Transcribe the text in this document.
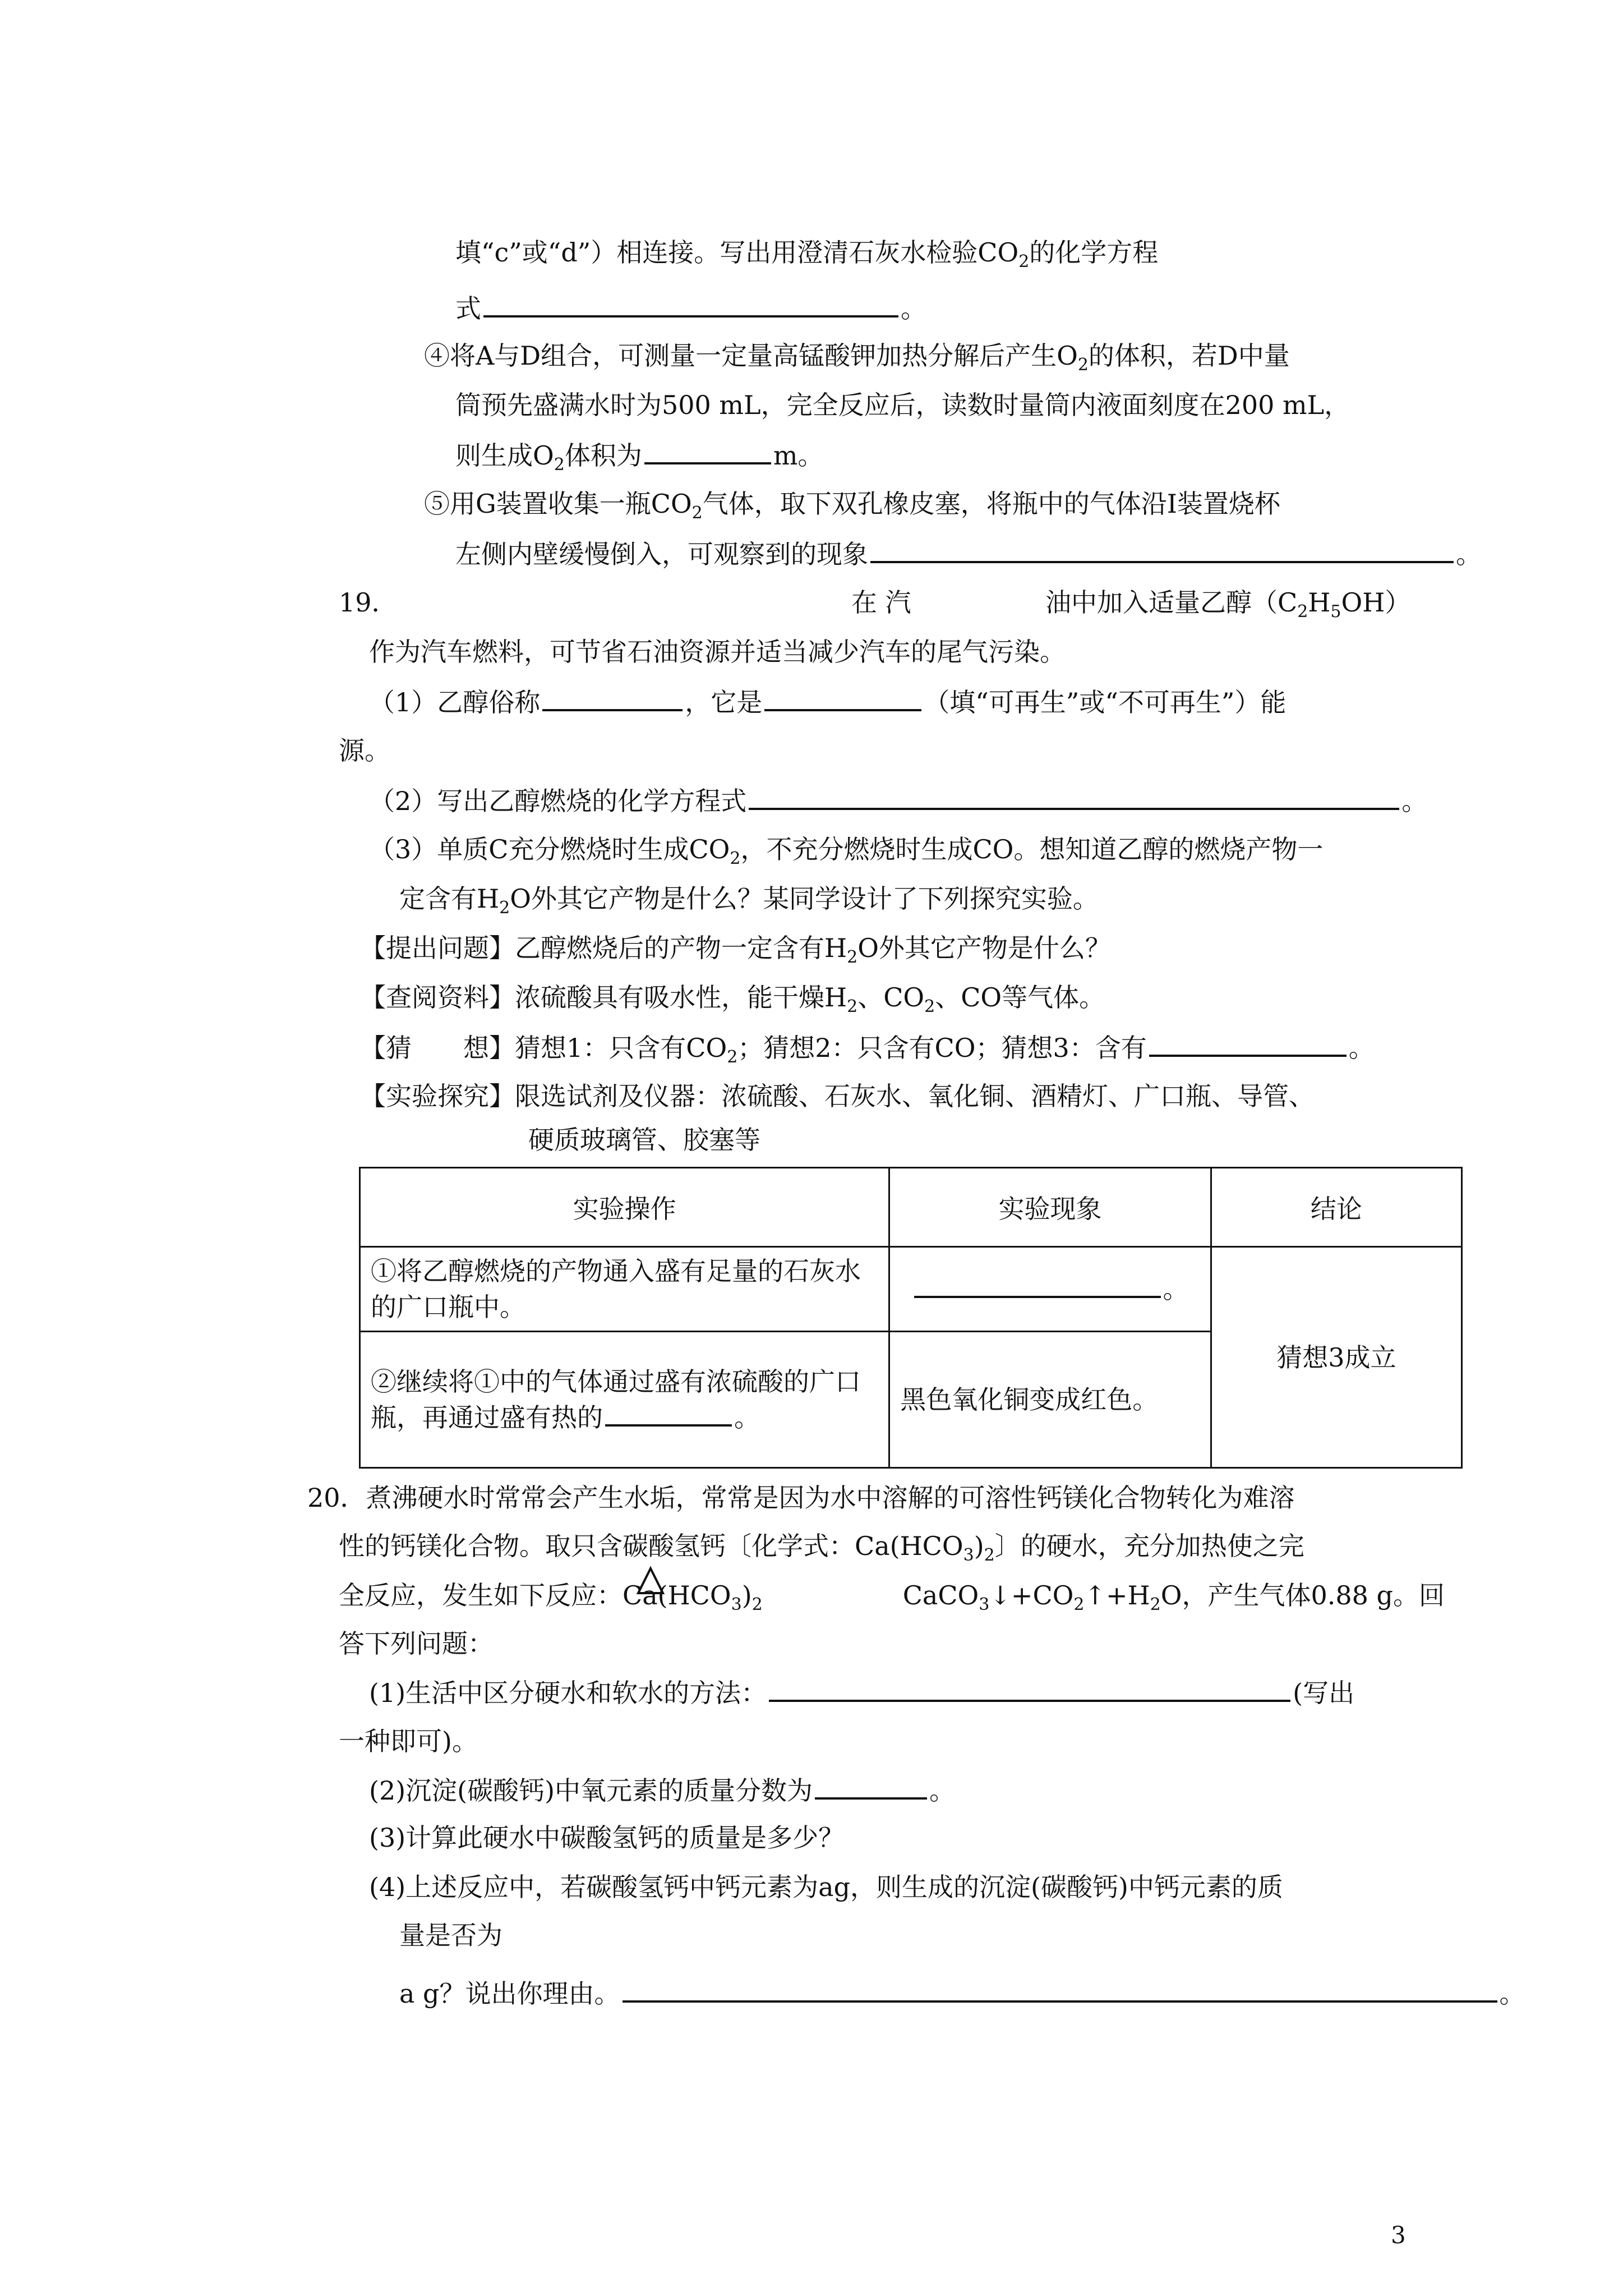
填“c”或“d”）相连接。写出用澄清石灰水检验$CO_2$的化学方程
式	。
④将A与D组合，可测量一定量高锰酸钾加热分解后产生$O_2$的体积，若D中量
筒预先盛满水时为500 mL，完全反应后，读数时量筒内液面刻度在200 mL，
则生成$O_2$体积为	m。
⑤用G装置收集一瓶$CO_2$气体，取下双孔橡皮塞，将瓶中的气体沿I装置烧杯
左侧内壁缓慢倒入，可观察到的现象	。
19．	在 汽	油中加入适量乙醇$(C_2H_5OH)$
作为汽车燃料，可节省石油资源并适当减少汽车的尾气污染。
（1）乙醇俗称	，它是	（填“可再生”或“不可再生”）能
源。
（2）写出乙醇燃烧的化学方程式	。
（3）单质C充分燃烧时生成$CO_2$，不充分燃烧时生成CO。想知道乙醇的燃烧产物一
定含有$H_2O$外其它产物是什么？某同学设计了下列探究实验。
【提出问题】乙醇燃烧后的产物一定含有$H_2O$外其它产物是什么？
【查阅资料】浓硫酸具有吸水性，能干燥$H_2$、$CO_2$、CO等气体。
【猜　　想】猜想1：只含有$CO_2$；猜想2：只含有CO；猜想3：含有	。
【实验探究】限选试剂及仪器：浓硫酸、石灰水、氧化铜、酒精灯、广口瓶、导管、
硬质玻璃管、胶塞等
实验操作	实验现象	结论
①将乙醇燃烧的产物通入盛有足量的石灰水的广口瓶中。	。	猜想3成立
②继续将①中的气体通过盛有浓硫酸的广口瓶，再通过盛有热的 。	黑色氧化铜变成红色。	
20．煮沸硬水时常常会产生水垢，常常是因为水中溶解的可溶性钙镁化合物转化为难溶
性的钙镁化合物。取只含碳酸氢钙〔化学式：$Ca(HCO_3)_2$〕的硬水，充分加热使之完
全反应，发生如下反应：$Ca(HCO_3)_2$	$CaCO_3↓+CO_2↑+H_2O$，产生气体0.88 g。回
答下列问题：
(1)生活中区分硬水和软水的方法：	(写出
一种即可)。
(2)沉淀(碳酸钙)中氧元素的质量分数为	。
(3)计算此硬水中碳酸氢钙的质量是多少？
(4)上述反应中，若碳酸氢钙中钙元素为ag，则生成的沉淀(碳酸钙)中钙元素的质
量是否为
a g？说出你理由。	。
3
